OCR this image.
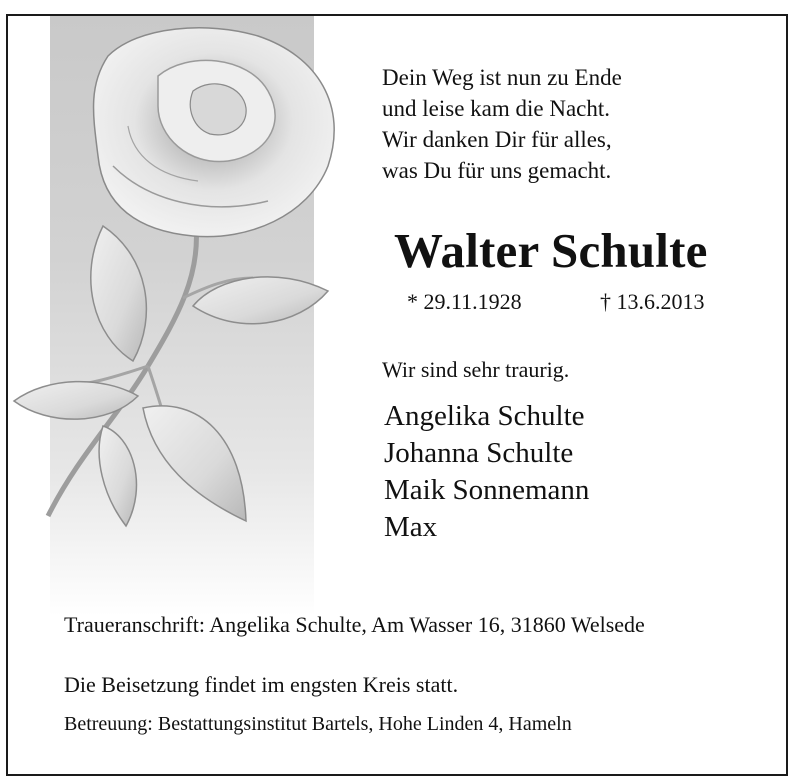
Dein Weg ist nun zu Ende
und leise kam die Nacht.
Wir danken Dir für alles,
was Du für uns gemacht.
Walter Schulte
* 29.11.1928	† 13.6.2013
Wir sind sehr traurig.
Angelika Schulte
Johanna Schulte
Maik Sonnemann
Max
Traueranschrift: Angelika Schulte, Am Wasser 16, 31860 Welsede
Die Beisetzung findet im engsten Kreis statt.
Betreuung: Bestattungsinstitut Bartels, Hohe Linden 4, Hameln
